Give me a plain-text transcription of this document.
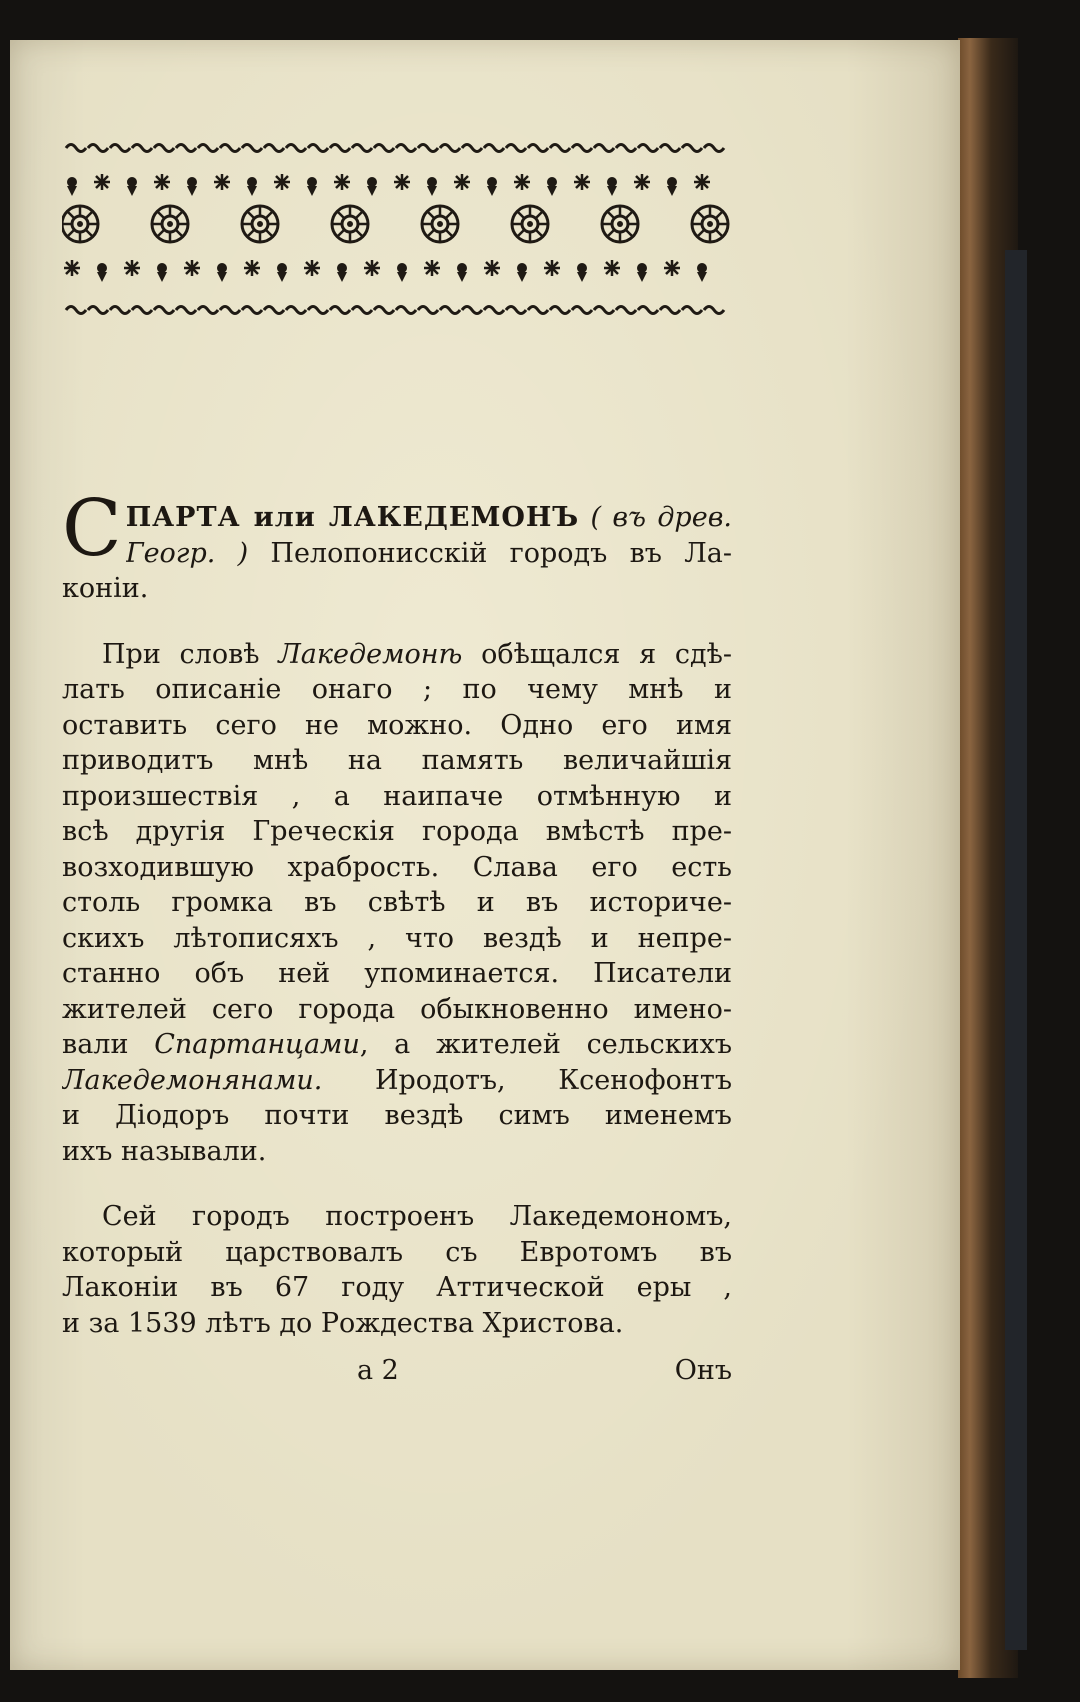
С ПАРТА или ЛАКЕДЕМОНЪ ( въ древ.
Геогр. ) Пелопониссκій городъ въ Ла-
коніи.
При словѣ Лакедемонѣ обѣщался я сдѣ-
лать описаніе онаго ; по чему мнѣ и
оставить сего не можно. Одно его имя
приводитъ мнѣ на память величайшія
произшествія , а наипаче отмѣнную и
всѣ другія Греческія города вмѣстѣ пре-
возходившую храбрость. Слава его есть
столь громка въ свѣтѣ и въ историче-
скихъ лѣтописяхъ , что вездѣ и непре-
станно объ ней упоминается. Писатели
жителей сего города обыкновенно имено-
вали Спартанцами, а жителей сельскихъ
Лакедемонянами. Иродотъ, Ксенофонтъ
и Діодоръ почти вездѣ симъ именемъ
ихъ называли.
Сей городъ построенъ Лакедемономъ,
который царствовалъ съ Евротомъ въ
Лаконіи въ 67 году Аттической еры ,
и за 1539 лѣтъ до Рождества Христова.
а 2	Онъ
